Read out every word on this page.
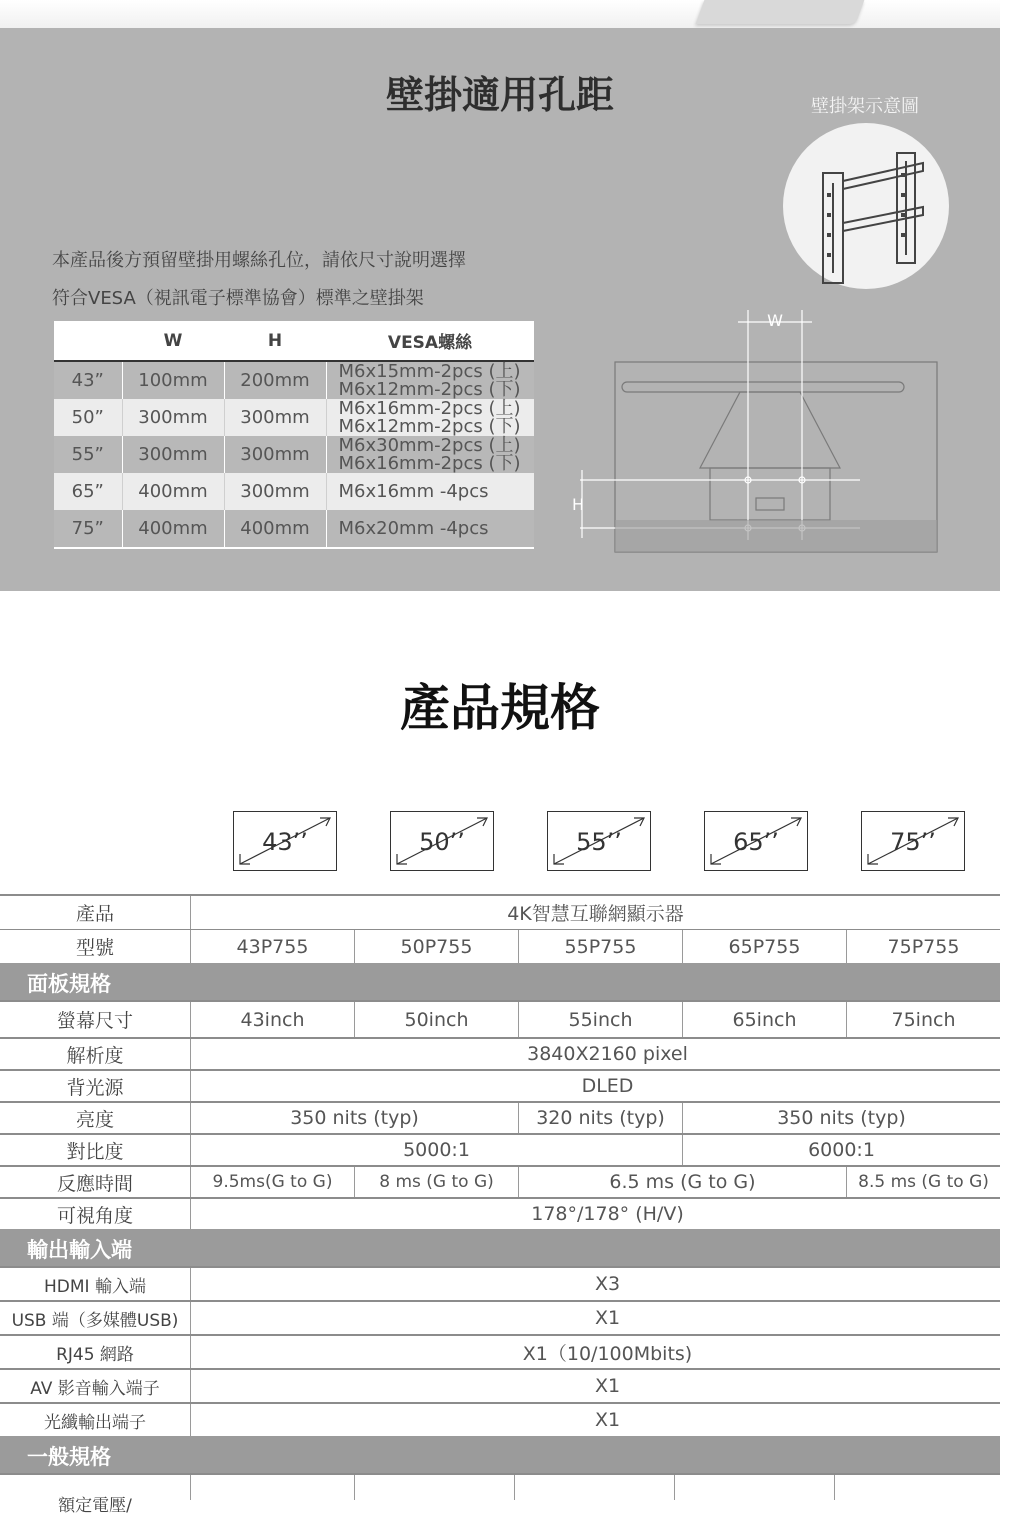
壁掛適用孔距	壁掛架示意圖
本產品後方預留壁掛用螺絲孔位，請依尺寸說明選擇
符合VESA（視訊電子標準協會）標準之壁掛架
	W	H	VESA螺絲
43”	100mm	200mm	M6x15mm-2pcs (上)
M6x12mm-2pcs (下)

50”	300mm	300mm	M6x16mm-2pcs (上)
M6x12mm-2pcs (下)

55”	300mm	300mm	M6x30mm-2pcs (上)
M6x16mm-2pcs (下)

65”	400mm	300mm	M6x16mm -4pcs
75”	400mm	400mm	M6x20mm -4pcs
W
H
產品規格
43’’	50’’	55’’	65’’	75’’
產品	4K智慧互聯網顯示器
型號	43P755	50P755	55P755	65P755	75P755
面板規格
螢幕尺寸	43inch	50inch	55inch	65inch	75inch
解析度	3840X2160 pixel
背光源	DLED
亮度	350 nits (typ)	320 nits (typ)	350 nits (typ)
對比度	5000:1	6000:1
反應時間	9.5ms(G to G)	8 ms (G to G)	6.5 ms (G to G)	8.5 ms (G to G)
可視角度	178°/178° (H/V)
輸出輸入端
HDMI 輸入端	X3
USB 端（多媒體USB)	X1
RJ45 網路	X1（10/100Mbits)
AV 影音輸入端子	X1
光纖輸出端子	X1
一般規格
額定電壓/
